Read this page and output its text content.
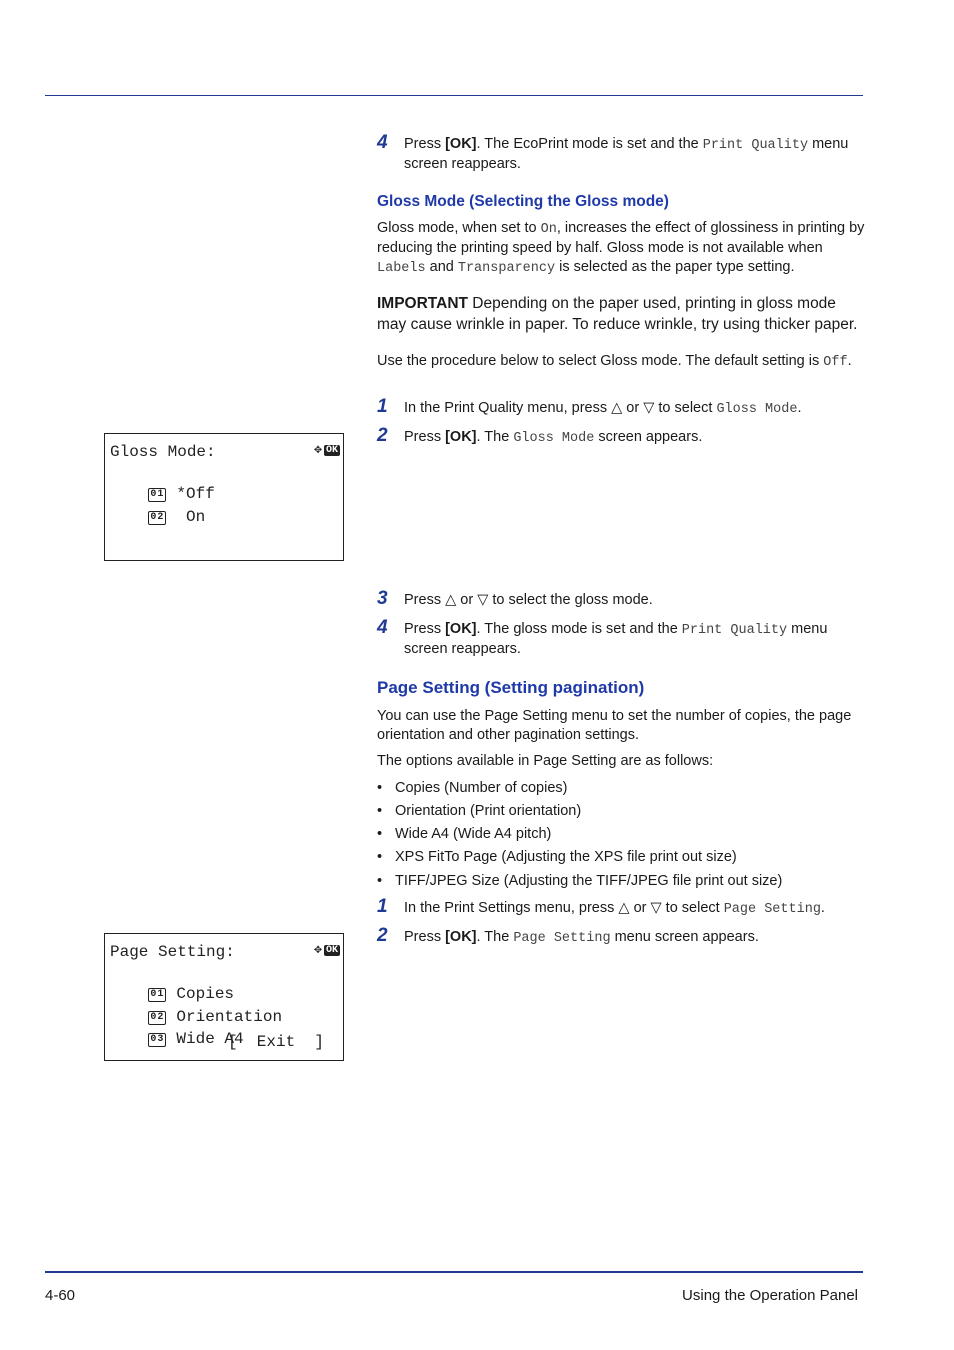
4 Press [OK]. The EcoPrint mode is set and the Print Quality menu screen reappears.
Gloss Mode (Selecting the Gloss mode)
Gloss mode, when set to On, increases the effect of glossiness in printing by reducing the printing speed by half. Gloss mode is not available when Labels and Transparency is selected as the paper type setting.
IMPORTANT Depending on the paper used, printing in gloss mode may cause wrinkle in paper. To reduce wrinkle, try using thicker paper.
Use the procedure below to select Gloss mode. The default setting is Off.
1 In the Print Quality menu, press △ or ▽ to select Gloss Mode.
2 Press [OK]. The Gloss Mode screen appears.
Gloss Mode:	✥ OK

01 *Off

02 On

3 Press △ or ▽ to select the gloss mode.
4 Press [OK]. The gloss mode is set and the Print Quality menu screen reappears.
Page Setting (Setting pagination)
You can use the Page Setting menu to set the number of copies, the page orientation and other pagination settings.
The options available in Page Setting are as follows:
• Copies (Number of copies)
• Orientation (Print orientation)
• Wide A4 (Wide A4 pitch)
• XPS FitTo Page (Adjusting the XPS file print out size)
• TIFF/JPEG Size (Adjusting the TIFF/JPEG file print out size)
1 In the Print Settings menu, press △ or ▽ to select Page Setting.
2 Press [OK]. The Page Setting menu screen appears.
Page Setting:	✥ OK

01 Copies

02 Orientation

03 Wide A4

[  Exit  ]
4-60	Using the Operation Panel
